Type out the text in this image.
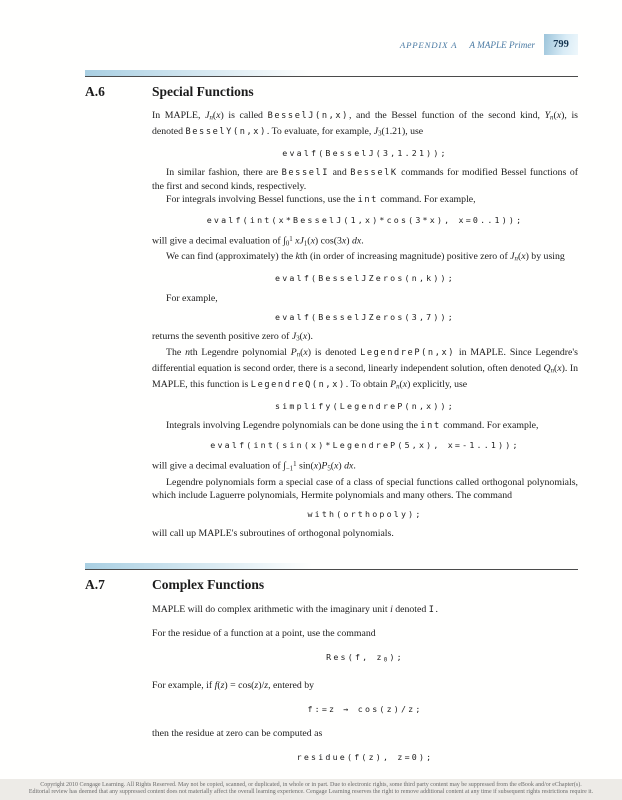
APPENDIX A A MAPLE Primer	799
A.6	Special Functions
In MAPLE, Jn(x) is called BesselJ(n,x), and the Bessel function of the second kind, Yn(x), is denoted BesselY(n,x). To evaluate, for example, J3(1.21), use
evalf(BesselJ(3,1.21));
In similar fashion, there are BesselI and BesselK commands for modified Bessel functions of the first and second kinds, respectively.
For integrals involving Bessel functions, use the int command. For example,
evalf(int(x*BesselJ(1,x)*cos(3*x), x=0..1));
will give a decimal evaluation of $\int 0^1$ xJ1(x) cos(3x) dx.
We can find (approximately) the kth (in order of increasing magnitude) positive zero of Jn(x) by using
evalf(BesselJZeros(n,k));
For example,
evalf(BesselJZeros(3,7));
returns the seventh positive zero of J3(x).
The nth Legendre polynomial Pn(x) is denoted LegendreP(n,x) in MAPLE. Since Legendre's differential equation is second order, there is a second, linearly independent solution, often denoted Qn(x). In MAPLE, this function is LegendreQ(n,x). To obtain Pn(x) explicitly, use
simplify(LegendreP(n,x));
Integrals involving Legendre polynomials can be done using the int command. For example,
evalf(int(sin(x)*LegendreP(5,x), x=-1..1));
will give a decimal evaluation of $\int-1^1$ sin(x)P5(x) dx.
Legendre polynomials form a special case of a class of special functions called orthogonal polynomials, which include Laguerre polynomials, Hermite polynomials and many others. The command
with(orthopoly);
will call up MAPLE's subroutines of orthogonal polynomials.
A.7	Complex Functions
MAPLE will do complex arithmetic with the imaginary unit i denoted I.
For the residue of a function at a point, use the command
Res(f, z0);
For example, if f(z) = cos(z)/z, entered by
f:=z → cos(z)/z;
then the residue at zero can be computed as
residue(f(z), z=0);
Copyright 2010 Cengage Learning. All Rights Reserved. May not be copied, scanned, or duplicated, in whole or in part. Due to electronic rights, some third party content may be suppressed from the eBook and/or eChapter(s).
Editorial review has deemed that any suppressed content does not materially affect the overall learning experience. Cengage Learning reserves the right to remove additional content at any time if subsequent rights restrictions require it.
